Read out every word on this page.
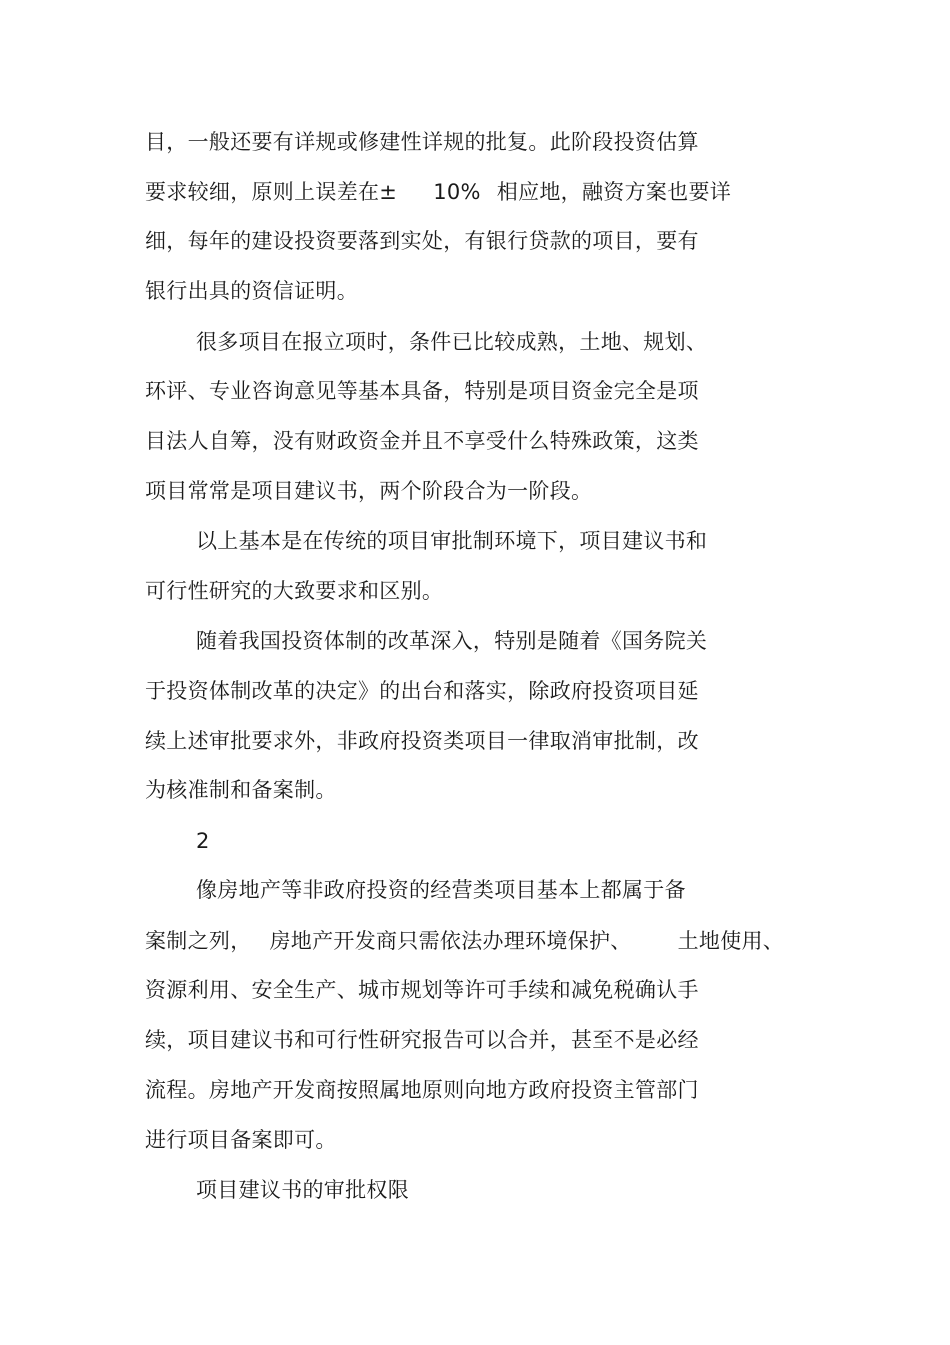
目，一般还要有详规或修建性详规的批复。此阶段投资估算
要求较细，原则上误差在± 10% 相应地，融资方案也要详
细，每年的建设投资要落到实处，有银行贷款的项目，要有
银行出具的资信证明。
很多项目在报立项时，条件已比较成熟，土地、规划、
环评、专业咨询意见等基本具备，特别是项目资金完全是项
目法人自筹，没有财政资金并且不享受什么特殊政策，这类
项目常常是项目建议书，两个阶段合为一阶段。
以上基本是在传统的项目审批制环境下，项目建议书和
可行性研究的大致要求和区别。
随着我国投资体制的改革深入，特别是随着《国务院关
于投资体制改革的决定》的出台和落实，除政府投资项目延
续上述审批要求外，非政府投资类项目一律取消审批制，改
为核准制和备案制。
2
像房地产等非政府投资的经营类项目基本上都属于备
案制之列， 房地产开发商只需依法办理环境保护、 土地使用、
资源利用、安全生产、城市规划等许可手续和减免税确认手
续，项目建议书和可行性研究报告可以合并，甚至不是必经
流程。房地产开发商按照属地原则向地方政府投资主管部门
进行项目备案即可。
项目建议书的审批权限
